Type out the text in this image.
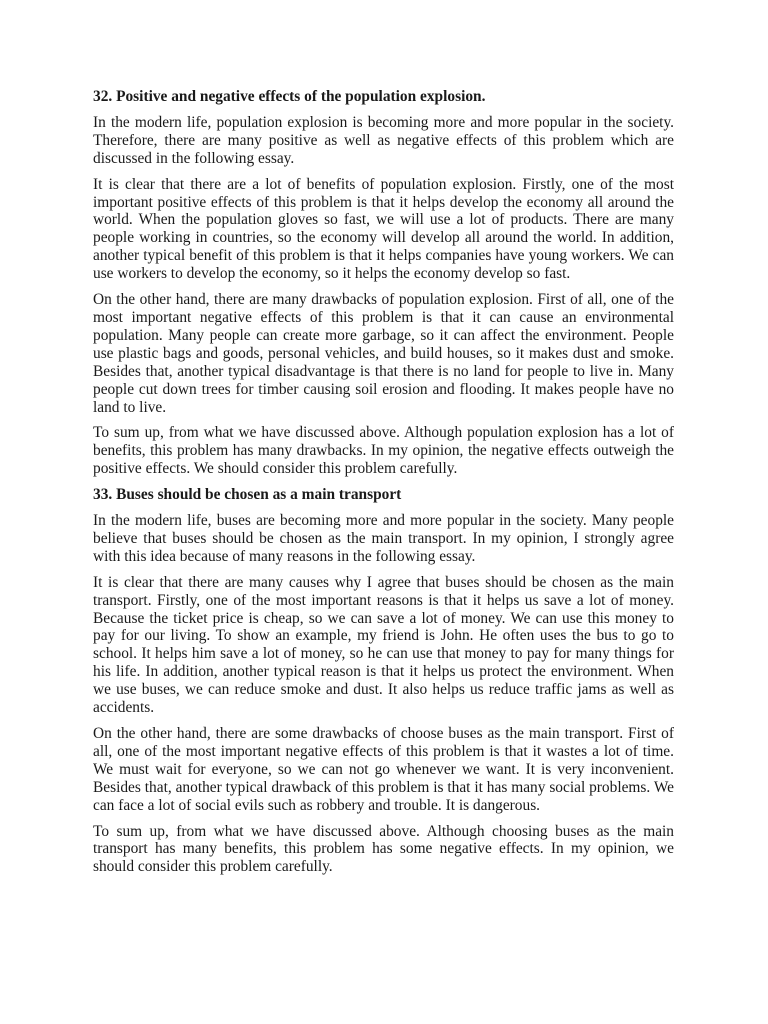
32. Positive and negative effects of the population explosion.

In the modern life, population explosion is becoming more and more popular in the society. Therefore, there are many positive as well as negative effects of this problem which are discussed in the following essay.

It is clear that there are a lot of benefits of population explosion. Firstly, one of the most important positive effects of this problem is that it helps develop the economy all around the world. When the population gloves so fast, we will use a lot of products. There are many people working in countries, so the economy will develop all around the world. In addition, another typical benefit of this problem is that it helps companies have young workers. We can use workers to develop the economy, so it helps the economy develop so fast.

On the other hand, there are many drawbacks of population explosion. First of all, one of the most important negative effects of this problem is that it can cause an environmental population. Many people can create more garbage, so it can affect the environment. People use plastic bags and goods, personal vehicles, and build houses, so it makes dust and smoke. Besides that, another typical disadvantage is that there is no land for people to live in. Many people cut down trees for timber causing soil erosion and flooding. It makes people have no land to live.

To sum up, from what we have discussed above. Although population explosion has a lot of benefits, this problem has many drawbacks. In my opinion, the negative effects outweigh the positive effects. We should consider this problem carefully.

33. Buses should be chosen as a main transport

In the modern life, buses are becoming more and more popular in the society. Many people believe that buses should be chosen as the main transport. In my opinion, I strongly agree with this idea because of many reasons in the following essay.

It is clear that there are many causes why I agree that buses should be chosen as the main transport. Firstly, one of the most important reasons is that it helps us save a lot of money. Because the ticket price is cheap, so we can save a lot of money. We can use this money to pay for our living. To show an example, my friend is John. He often uses the bus to go to school. It helps him save a lot of money, so he can use that money to pay for many things for his life. In addition, another typical reason is that it helps us protect the environment. When we use buses, we can reduce smoke and dust. It also helps us reduce traffic jams as well as accidents.

On the other hand, there are some drawbacks of choose buses as the main transport. First of all, one of the most important negative effects of this problem is that it wastes a lot of time. We must wait for everyone, so we can not go whenever we want. It is very inconvenient. Besides that, another typical drawback of this problem is that it has many social problems. We can face a lot of social evils such as robbery and trouble. It is dangerous.

To sum up, from what we have discussed above. Although choosing buses as the main transport has many benefits, this problem has some negative effects. In my opinion, we should consider this problem carefully.
